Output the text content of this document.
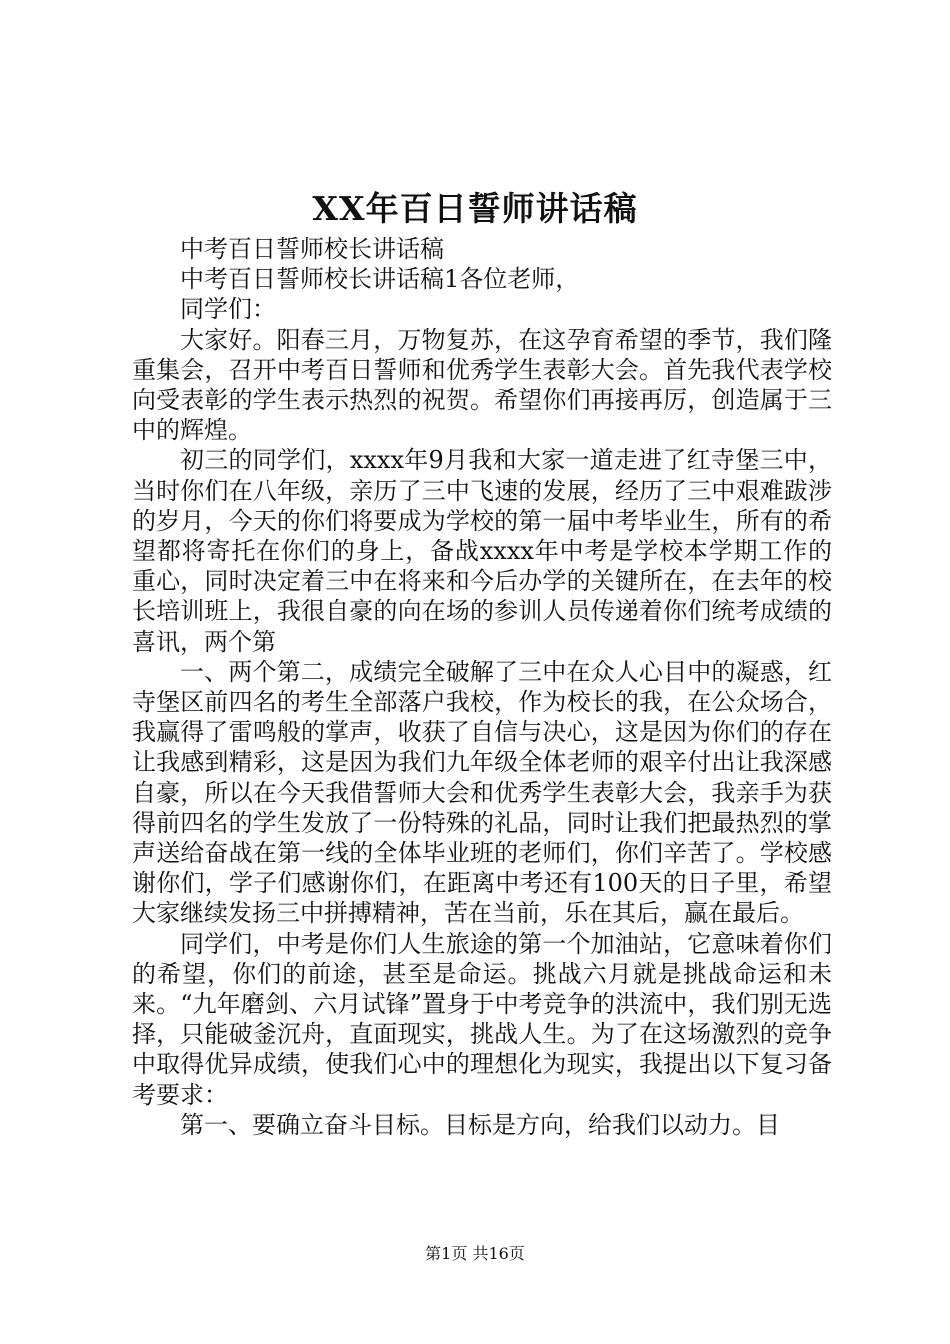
XX年百日誓师讲话稿

中考百日誓师校长讲话稿

中考百日誓师校长讲话稿1各位老师，

同学们：

大家好。阳春三月，万物复苏，在这孕育希望的季节，我们隆重集会，召开中考百日誓师和优秀学生表彰大会。首先我代表学校向受表彰的学生表示热烈的祝贺。希望你们再接再厉，创造属于三中的辉煌。

初三的同学们，xxxx年9月我和大家一道走进了红寺堡三中，当时你们在八年级，亲历了三中飞速的发展，经历了三中艰难跋涉的岁月，今天的你们将要成为学校的第一届中考毕业生，所有的希望都将寄托在你们的身上，备战xxxx年中考是学校本学期工作的重心，同时决定着三中在将来和今后办学的关键所在，在去年的校长培训班上，我很自豪的向在场的参训人员传递着你们统考成绩的喜讯，两个第

一、两个第二，成绩完全破解了三中在众人心目中的凝惑，红寺堡区前四名的考生全部落户我校，作为校长的我，在公众场合，我赢得了雷鸣般的掌声，收获了自信与决心，这是因为你们的存在让我感到精彩，这是因为我们九年级全体老师的艰辛付出让我深感自豪，所以在今天我借誓师大会和优秀学生表彰大会，我亲手为获得前四名的学生发放了一份特殊的礼品，同时让我们把最热烈的掌声送给奋战在第一线的全体毕业班的老师们，你们辛苦了。学校感谢你们，学子们感谢你们，在距离中考还有100天的日子里，希望大家继续发扬三中拼搏精神，苦在当前，乐在其后，赢在最后。

同学们，中考是你们人生旅途的第一个加油站，它意味着你们的希望，你们的前途，甚至是命运。挑战六月就是挑战命运和未来。“九年磨剑、六月试锋”置身于中考竞争的洪流中，我们别无选择，只能破釜沉舟，直面现实，挑战人生。为了在这场激烈的竞争中取得优异成绩，使我们心中的理想化为现实，我提出以下复习备考要求：

第一、要确立奋斗目标。目标是方向，给我们以动力。目

第1页 共16页
